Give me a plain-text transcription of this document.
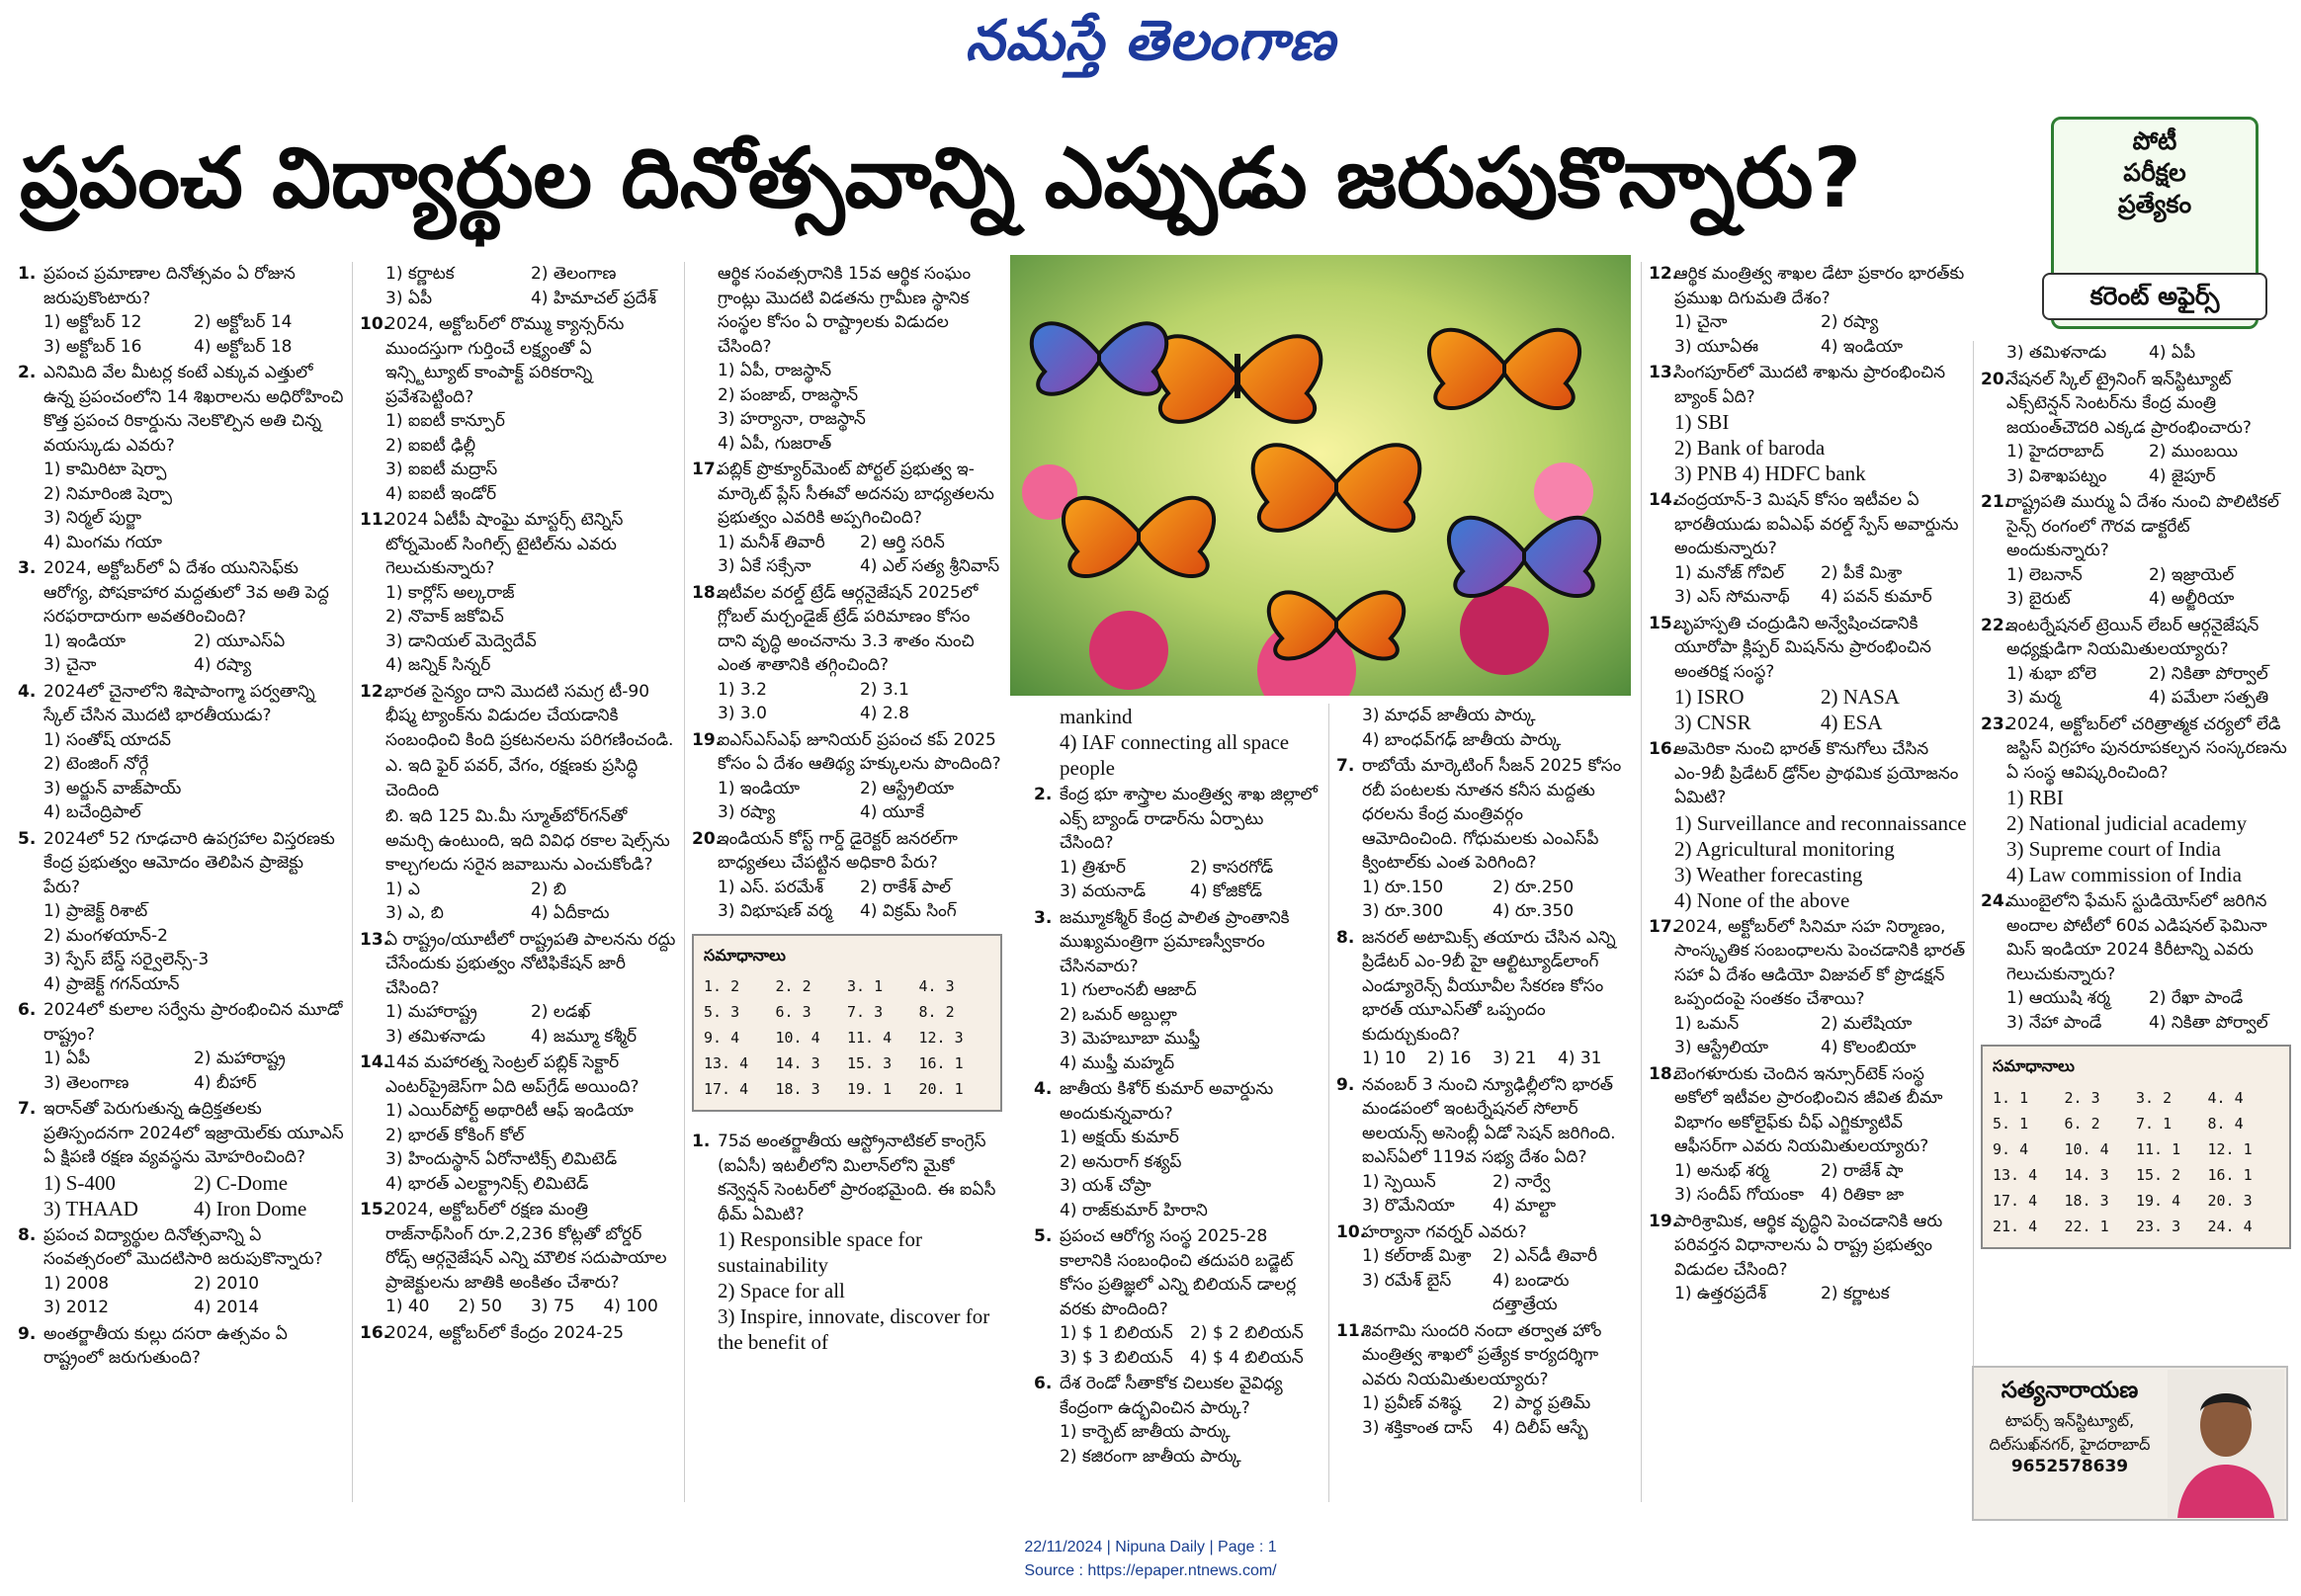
నమస్తే తెలంగాణ
ప్రపంచ విద్యార్థుల దినోత్సవాన్ని ఎప్పుడు జరుపుకొన్నారు?	పోటీ
పరీక్షల
ప్రత్యేకం
కరెంట్ అఫైర్స్
1. ప్రపంచ ప్రమాణాల దినోత్సవం ఏ రోజున జరుపుకొంటారు?
1) అక్టోబర్ 12	2) అక్టోబర్ 14
3) అక్టోబర్ 16	4) అక్టోబర్ 18
2. ఎనిమిది వేల మీటర్ల కంటే ఎక్కువ ఎత్తులో ఉన్న ప్రపంచంలోని 14 శిఖరాలను అధిరోహించి కొత్త ప్రపంచ రికార్డును నెలకొల్పిన అతి చిన్న వయస్కుడు ఎవరు?
1) కామిరిటా షెర్పా
2) నిమారింజి షెర్పా
3) నిర్మల్ పుర్జా
4) మింగమ గయా
3. 2024, అక్టోబర్‌లో ఏ దేశం యునిసెఫ్‌కు ఆరోగ్య, పోషకాహార మద్దతులో 3వ అతి పెద్ద సరఫరాదారుగా అవతరించింది?
1) ఇండియా	2) యూఎస్ఏ
3) చైనా	4) రష్యా
4. 2024లో చైనాలోని శిషాపాంగ్మా పర్వతాన్ని స్కేల్ చేసిన మొదటి భారతీయుడు?
1) సంతోష్ యాదవ్
2) టెంజింగ్ నోర్గే
3) అర్జున్ వాజ్‌పాయ్
4) బచేంద్రిపాల్
5. 2024లో 52 గూఢచారి ఉపగ్రహాల విస్తరణకు కేంద్ర ప్రభుత్వం ఆమోదం తెలిపిన ప్రాజెక్టు పేరు?
1) ప్రాజెక్ట్ రిశాట్
2) మంగళయాన్-2
3) స్పేస్ బేస్డ్ సర్వైలెన్స్-3
4) ప్రాజెక్ట్ గగన్‌యాన్
6. 2024లో కులాల సర్వేను ప్రారంభించిన మూడో రాష్ట్రం?
1) ఏపీ	2) మహారాష్ట్ర
3) తెలంగాణ	4) బీహార్
7. ఇరాన్‌తో పెరుగుతున్న ఉద్రిక్తతలకు ప్రతిస్పందనగా 2024లో ఇజ్రాయెల్‌కు యూఎస్ ఏ క్షిపణి రక్షణ వ్యవస్థను మోహరించింది?
1) S-400	2) C-Dome
3) THAAD	4) Iron Dome
8. ప్రపంచ విద్యార్థుల దినోత్సవాన్ని ఏ సంవత్సరంలో మొదటిసారి జరుపుకొన్నారు?
1) 2008	2) 2010
3) 2012	4) 2014
9. అంతర్జాతీయ కుల్లు దసరా ఉత్సవం ఏ రాష్ట్రంలో జరుగుతుంది?
1) కర్ణాటక	2) తెలంగాణ
3) ఏపీ	4) హిమాచల్ ప్రదేశ్
10.
2024, అక్టోబర్‌లో రొమ్ము క్యాన్సర్‌ను ముందస్తుగా గుర్తించే లక్ష్యంతో ఏ ఇన్స్టిట్యూట్ కాంపాక్ట్ పరికరాన్ని ప్రవేశపెట్టింది?
1) ఐఐటీ కాన్పూర్
2) ఐఐటీ ఢిల్లీ
3) ఐఐటీ మద్రాస్
4) ఐఐటీ ఇండోర్
11.
2024 ఏటీపీ షాంఘై మాస్టర్స్ టెన్నిస్ టోర్నమెంట్ సింగిల్స్ టైటిల్‌ను ఎవరు గెలుచుకున్నారు?
1) కార్లోస్ అల్కరాజ్
2) నొవాక్ జకోవిచ్
3) డానియల్ మెద్వెదేవ్
4) జన్నిక్ సిన్నర్
12.
భారత సైన్యం దాని మొదటి సమగ్ర టీ-90 భీష్మ ట్యాంక్‌ను విడుదల చేయడానికి సంబంధించి కింది ప్రకటనలను పరిగణించండి.
ఎ. ఇది ఫైర్ పవర్, వేగం, రక్షణకు ప్రసిద్ధి చెందింది
బి. ఇది 125 మి.మీ స్మూత్‌బోర్‌గన్‌తో అమర్చి ఉంటుంది, ఇది వివిధ రకాల షెల్స్‌ను కాల్చగలదు సరైన జవాబును ఎంచుకోండి?
1) ఎ	2) బి
3) ఎ, బి	4) ఏదీకాదు
13.
ఏ రాష్ట్రం/యూటీలో రాష్ట్రపతి పాలనను రద్దు చేసేందుకు ప్రభుత్వం నోటిఫికేషన్ జారీ చేసింది?
1) మహారాష్ట్ర	2) లడఖ్
3) తమిళనాడు	4) జమ్మూ కశ్మీర్
14.
14వ మహారత్న సెంట్రల్ పబ్లిక్ సెక్టార్ ఎంటర్‌ప్రైజెస్‌గా ఏది అప్‌గ్రేడ్ అయింది?
1) ఎయిర్‌పోర్ట్ అథారిటీ ఆఫ్ ఇండియా
2) భారత్ కోకింగ్ కోల్
3) హిందుస్థాన్ ఏరోనాటిక్స్ లిమిటెడ్
4) భారత్ ఎలక్ట్రానిక్స్ లిమిటెడ్
15.
2024, అక్టోబర్‌లో రక్షణ మంత్రి రాజ్‌నాథ్‌సింగ్ రూ.2,236 కోట్లతో బోర్డర్ రోడ్స్ ఆర్గనైజేషన్ ఎన్ని మౌలిక సదుపాయాల ప్రాజెక్టులను జాతికి అంకితం చేశారు?
1) 40	2) 50	3) 75	4) 100
16.
2024, అక్టోబర్‌లో కేంద్రం 2024-25
ఆర్థిక సంవత్సరానికి 15వ ఆర్థిక సంఘం గ్రాంట్లు మొదటి విడతను గ్రామీణ స్థానిక సంస్థల కోసం ఏ రాష్ట్రాలకు విడుదల చేసింది?
1) ఏపీ, రాజస్థాన్
2) పంజాబ్, రాజస్థాన్
3) హర్యానా, రాజస్థాన్
4) ఏపీ, గుజరాత్
17.
పబ్లిక్ ప్రొక్యూర్‌మెంట్ పోర్టల్ ప్రభుత్వ ఇ-మార్కెట్ ప్లేస్ సీఈవో అదనపు బాధ్యతలను ప్రభుత్వం ఎవరికి అప్పగించింది?
1) మనీశ్ తివారీ	2) ఆర్తి సరిన్
3) ఏకే సక్సేనా	4) ఎల్ సత్య శ్రీనివాస్
18.
ఇటీవల వరల్డ్ ట్రేడ్ ఆర్గనైజేషన్ 2025లో గ్లోబల్ మర్చండైజ్ ట్రేడ్ పరిమాణం కోసం దాని వృద్ధి అంచనాను 3.3 శాతం నుంచి ఎంత శాతానికి తగ్గించింది?
1) 3.2	2) 3.1
3) 3.0	4) 2.8
19.
ఐఎస్ఎస్ఎఫ్ జూనియర్ ప్రపంచ కప్ 2025 కోసం ఏ దేశం ఆతిథ్య హక్కులను పొందింది?
1) ఇండియా	2) ఆస్ట్రేలియా
3) రష్యా	4) యూకే
20.
ఇండియన్ కోస్ట్ గార్డ్ డైరెక్టర్ జనరల్‌గా బాధ్యతలు చేపట్టిన అధికారి పేరు?
1) ఎస్. పరమేశ్	2) రాకేశ్ పాల్
3) విభూషణ్ వర్మ	4) విక్రమ్ సింగ్
సమాధానాలు
1. 2	2. 2	3. 1	4. 3
5. 3	6. 3	7. 3	8. 2
9. 4	10. 4	11. 4	12. 3
13. 4	14. 3	15. 3	16. 1
17. 4	18. 3	19. 1	20. 1
1. 75వ అంతర్జాతీయ ఆస్ట్రోనాటికల్ కాంగ్రెస్ (ఐఏసీ) ఇటలీలోని మిలాన్‌లోని మైకో కన్వెన్షన్ సెంటర్‌లో ప్రారంభమైంది. ఈ ఐఏసీ థీమ్ ఏమిటి?
1) Responsible space for sustainability
2) Space for all
3) Inspire, innovate, discover for the benefit of
mankind
4) IAF connecting all space people
2. కేంద్ర భూ శాస్త్రాల మంత్రిత్వ శాఖ జిల్లాలో ఎక్స్ బ్యాండ్ రాడార్‌ను ఏర్పాటు చేసింది?
1) త్రిశూర్	2) కాసరగోడ్
3) వయనాడ్	4) కోజికోడ్
3. జమ్మూకశ్మీర్ కేంద్ర పాలిత ప్రాంతానికి ముఖ్యమంత్రిగా ప్రమాణస్వీకారం చేసినవారు?
1) గులాంనబీ ఆజాద్
2) ఒమర్ అబ్దుల్లా
3) మెహబూబా ముఫ్తీ
4) ముఫ్తీ మహ్మద్
4. జాతీయ కిశోర్ కుమార్ అవార్డును అందుకున్నవారు?
1) అక్షయ్ కుమార్
2) అనురాగ్ కశ్యప్
3) యశ్ చోప్రా
4) రాజ్‌కుమార్ హిరాని
5. ప్రపంచ ఆరోగ్య సంస్థ 2025-28 కాలానికి సంబంధించి తదుపరి బడ్జెట్ కోసం ప్రతిజ్ఞలో ఎన్ని బిలియన్ డాలర్ల వరకు పొందింది?
1) $ 1 బిలియన్	2) $ 2 బిలియన్
3) $ 3 బిలియన్	4) $ 4 బిలియన్
6. దేశ రెండో సీతాకోక చిలుకల వైవిధ్య కేంద్రంగా ఉద్భవించిన పార్కు?
1) కార్బెట్ జాతీయ పార్కు
2) కజిరంగా జాతీయ పార్కు
3) మాధవ్ జాతీయ పార్కు
4) బాంధవ్‌గఢ్ జాతీయ పార్కు
7. రాబోయే మార్కెటింగ్ సీజన్ 2025 కోసం రబీ పంటలకు నూతన కనీస మద్దతు ధరలను కేంద్ర మంత్రివర్గం ఆమోదించింది. గోధుమలకు ఎంఎస్‌పీ క్వింటాల్‌కు ఎంత పెరిగింది?
1) రూ.150	2) రూ.250
3) రూ.300	4) రూ.350
8. జనరల్ అటామిక్స్ తయారు చేసిన ఎన్ని ప్రిడేటర్ ఎం-9బీ హై ఆల్టిట్యూడ్‌లాంగ్ ఎండ్యూరెన్స్ వీయూవీల సేకరణ కోసం భారత్ యూఎస్‌తో ఒప్పందం కుదుర్చుకుంది?
1) 10	2) 16	3) 21	4) 31
9. నవంబర్ 3 నుంచి న్యూఢిల్లీలోని భారత్ మండపంలో ఇంటర్నేషనల్ సోలార్ అలయన్స్ అసెంబ్లీ ఏడో సెషన్ జరిగింది. ఐఎస్ఏలో 119వ సభ్య దేశం ఏది?
1) స్పెయిన్	2) నార్వే
3) రొమేనియా	4) మాల్టా
10.
హర్యానా గవర్నర్ ఎవరు?
1) కల్‌రాజ్ మిశ్రా	2) ఎన్‌డీ తివారీ
3) రమేశ్ బైస్	4) బండారు దత్తాత్రేయ
11.
శివగామి సుందరి నందా తర్వాత హోం మంత్రిత్వ శాఖలో ప్రత్యేక కార్యదర్శిగా ఎవరు నియమితులయ్యారు?
1) ప్రవీణ్ వశిష్ఠ	2) పార్థ ప్రతిమ్
3) శక్తికాంత దాస్	4) దిలీప్ ఆస్బే
12.
ఆర్థిక మంత్రిత్వ శాఖల డేటా ప్రకారం భారత్‌కు ప్రముఖ దిగుమతి దేశం?
1) చైనా	2) రష్యా
3) యూఏఈ	4) ఇండియా
13.
సింగపూర్‌లో మొదటి శాఖను ప్రారంభించిన బ్యాంక్ ఏది?
1) SBI
2) Bank of baroda
3) PNB 4) HDFC bank
14.
చంద్రయాన్-3 మిషన్ కోసం ఇటీవల ఏ భారతీయుడు ఐఏఎఫ్ వరల్డ్ స్పేస్ అవార్డును అందుకున్నారు?
1) మనోజ్ గోవిల్	2) పీకే మిశ్రా
3) ఎస్ సోమనాథ్	4) పవన్ కుమార్
15.
బృహస్పతి చంద్రుడిని అన్వేషించడానికి యూరోపా క్లిప్పర్ మిషన్‌ను ప్రారంభించిన అంతరిక్ష సంస్థ?
1) ISRO	2) NASA
3) CNSR	4) ESA
16.
అమెరికా నుంచి భారత్ కొనుగోలు చేసిన ఎం-9బీ ప్రిడేటర్ డ్రోన్‌ల ప్రాథమిక ప్రయోజనం ఏమిటి?
1) Surveillance and reconnaissance
2) Agricultural monitoring
3) Weather forecasting
4) None of the above
17.
2024, అక్టోబర్‌లో సినిమా సహ నిర్మాణం, సాంస్కృతిక సంబంధాలను పెంచడానికి భారత్ సహా ఏ దేశం ఆడియో విజువల్ కో ప్రొడక్షన్ ఒప్పందంపై సంతకం చేశాయి?
1) ఒమన్	2) మలేషియా
3) ఆస్ట్రేలియా	4) కొలంబియా
18.
బెంగళూరుకు చెందిన ఇన్సూర్‌టెక్ సంస్థ అకోలో ఇటీవల ప్రారంభించిన జీవిత బీమా విభాగం అకోలైఫ్‌కు చీఫ్ ఎగ్జిక్యూటివ్ ఆఫీసర్‌గా ఎవరు నియమితులయ్యారు?
1) అనుభ్ శర్మ	2) రాజేశ్ షా
3) సందీప్ గోయంకా	4) రితికా జా
19.
పారిశ్రామిక, ఆర్థిక వృద్ధిని పెంచడానికి ఆరు పరివర్తన విధానాలను ఏ రాష్ట్ర ప్రభుత్వం విడుదల చేసింది?
1) ఉత్తరప్రదేశ్	2) కర్ణాటక
3) తమిళనాడు	4) ఏపీ
20.
నేషనల్ స్కిల్ ట్రైనింగ్ ఇన్‌స్టిట్యూట్ ఎక్స్‌టెన్షన్ సెంటర్‌ను కేంద్ర మంత్రి జయంత్‌చౌదరి ఎక్కడ ప్రారంభించారు?
1) హైదరాబాద్	2) ముంబయి
3) విశాఖపట్నం	4) జైపూర్
21.
రాష్ట్రపతి ముర్ము ఏ దేశం నుంచి పొలిటికల్ సైన్స్ రంగంలో గౌరవ డాక్టరేట్ అందుకున్నారు?
1) లెబనాన్	2) ఇజ్రాయెల్
3) బైరుట్	4) అల్జీరియా
22.
ఇంటర్నేషనల్ ట్రెయిన్ లేబర్ ఆర్గనైజేషన్ అధ్యక్షుడిగా నియమితులయ్యారు?
1) శుభా బోలె	2) నికితా పోర్వాల్
3) మర్మ	4) పమేలా సత్పతి
23.
2024, అక్టోబర్‌లో చరిత్రాత్మక చర్యలో లేడి జస్టిస్ విగ్రహాం పునరూపకల్పన సంస్కరణను ఏ సంస్థ ఆవిష్కరించింది?
1) RBI
2) National judicial academy
3) Supreme court of India
4) Law commission of India
24.
ముంబైలోని ఫేమస్ స్టుడియోస్‌లో జరిగిన అందాల పోటీలో 60వ ఎడిషనల్ ఫెమినా మిస్ ఇండియా 2024 కిరీటాన్ని ఎవరు గెలుచుకున్నారు?
1) ఆయుషి శర్మ	2) రేఖా పాండే
3) నేహా పాండే	4) నికితా పోర్వాల్
సమాధానాలు
1. 1	2. 3	3. 2	4. 4
5. 1	6. 2	7. 1	8. 4
9. 4	10. 4	11. 1	12. 1
13. 4	14. 3	15. 2	16. 1
17. 4	18. 3	19. 4	20. 3
21. 4	22. 1	23. 3	24. 4
సత్యనారాయణ
టాపర్స్ ఇన్‌స్టిట్యూట్,
దిల్‌సుఖ్‌నగర్, హైదరాబాద్
9652578639
22/11/2024 | Nipuna Daily | Page : 1
Source : https://epaper.ntnews.com/
